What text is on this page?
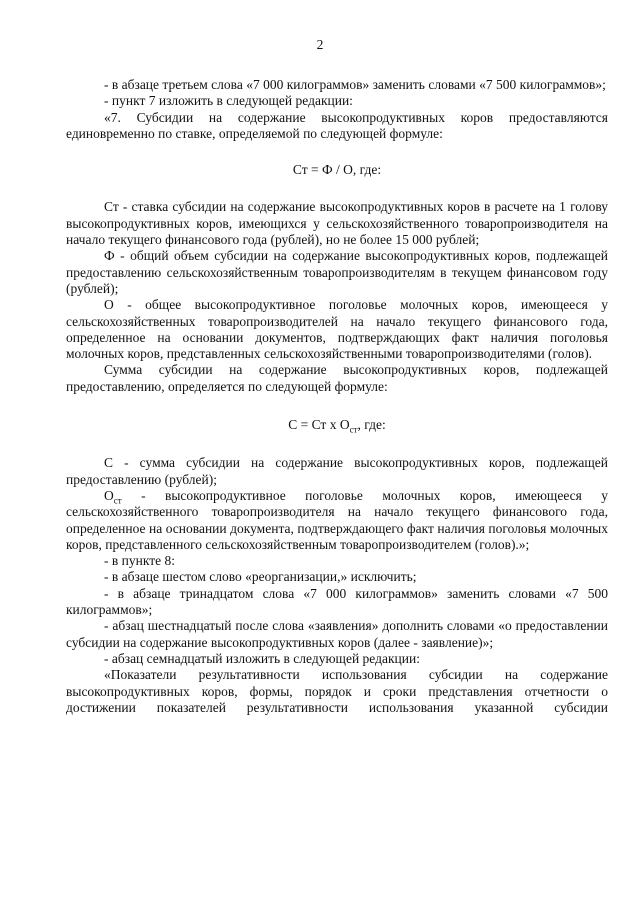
2

- в абзаце третьем слова «7 000 килограммов» заменить словами «7 500 килограммов»;

- пункт 7 изложить в следующей редакции:

«7. Субсидии на содержание высокопродуктивных коров предоставляются единовременно по ставке, определяемой по следующей формуле:

Ст = Ф / О, где:

Ст - ставка субсидии на содержание высокопродуктивных коров в расчете на 1 голову высокопродуктивных коров, имеющихся у сельскохозяйственного товаропроизводителя на начало текущего финансового года (рублей), но не более 15 000 рублей;

Ф - общий объем субсидии на содержание высокопродуктивных коров, подлежащей предоставлению сельскохозяйственным товаропроизводителям в текущем финансовом году (рублей);

О - общее высокопродуктивное поголовье молочных коров, имеющееся у сельскохозяйственных товаропроизводителей на начало текущего финансового года, определенное на основании документов, подтверждающих факт наличия поголовья молочных коров, представленных сельскохозяйственными товаропроизводителями (голов).

Сумма субсидии на содержание высокопродуктивных коров, подлежащей предоставлению, определяется по следующей формуле:

С = Ст х $О_{ст}$, где:

С - сумма субсидии на содержание высокопродуктивных коров, подлежащей предоставлению (рублей);

$О_{ст}$ - высокопродуктивное поголовье молочных коров, имеющееся у сельскохозяйственного товаропроизводителя на начало текущего финансового года, определенное на основании документа, подтверждающего факт наличия поголовья молочных коров, представленного сельскохозяйственным товаропроизводителем (голов).»;

- в пункте 8:

- в абзаце шестом слово «реорганизации,» исключить;

- в абзаце тринадцатом слова «7 000 килограммов» заменить словами «7 500 килограммов»;

- абзац шестнадцатый после слова «заявления» дополнить словами «о предоставлении субсидии на содержание высокопродуктивных коров (далее - заявление)»;

- абзац семнадцатый изложить в следующей редакции:

«Показатели результативности использования субсидии на содержание высокопродуктивных коров, формы, порядок и сроки представления отчетности о достижении показателей результативности использования указанной субсидии
